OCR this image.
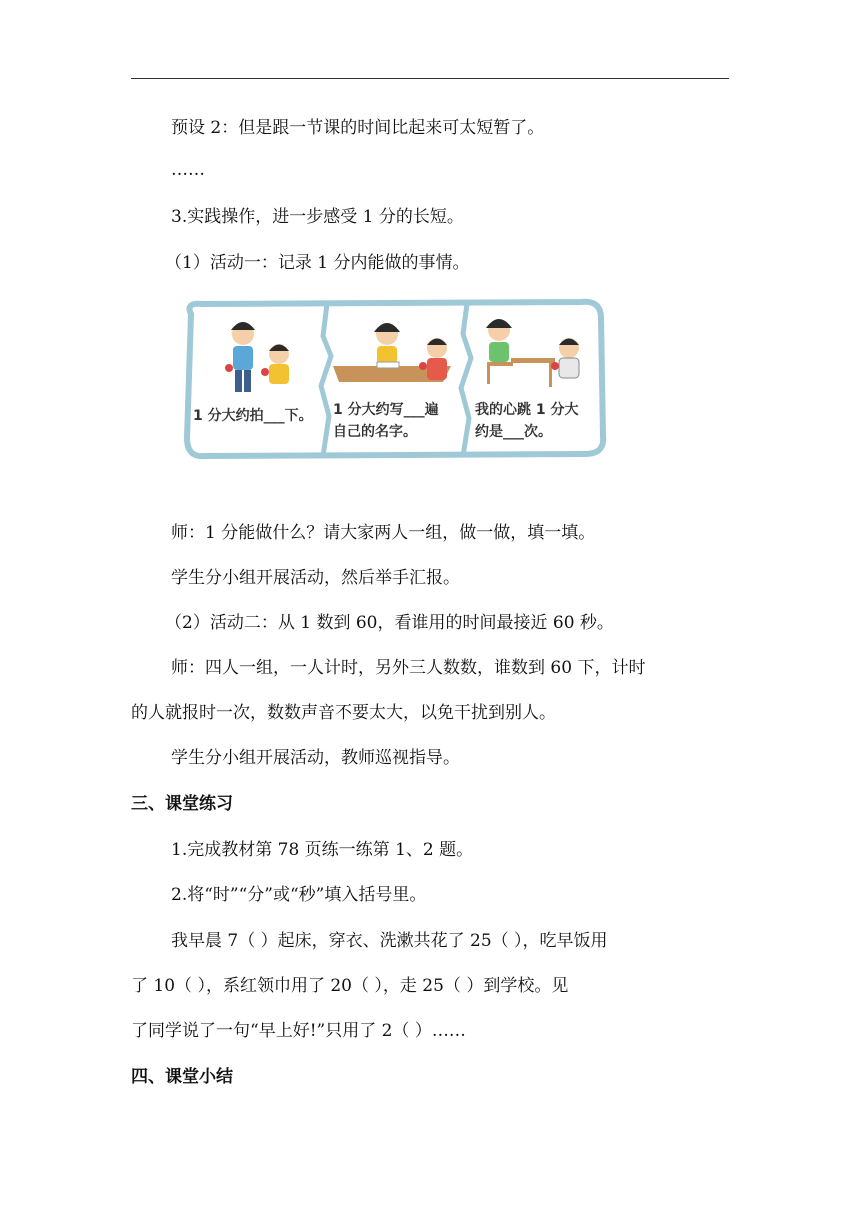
预设 2：但是跟一节课的时间比起来可太短暂了。
……
3.实践操作，进一步感受 1 分的长短。
（1）活动一：记录 1 分内能做的事情。
1 分大约拍___下。 1 分大约写___遍
自己的名字。
我的心跳 1 分大
约是___次。
师：1 分能做什么？请大家两人一组，做一做，填一填。
学生分小组开展活动，然后举手汇报。
（2）活动二：从 1 数到 60，看谁用的时间最接近 60 秒。
师：四人一组，一人计时，另外三人数数，谁数到 60 下，计时
的人就报时一次，数数声音不要太大，以免干扰到别人。
学生分小组开展活动，教师巡视指导。
三、课堂练习
1.完成教材第 78 页练一练第 1、2 题。
2.将“时”“分”或“秒”填入括号里。
我早晨 7（ ）起床，穿衣、洗漱共花了 25（ ），吃早饭用
了 10（ ），系红领巾用了 20（ ），走 25（ ）到学校。见
了同学说了一句“早上好!”只用了 2（ ）……
四、课堂小结
